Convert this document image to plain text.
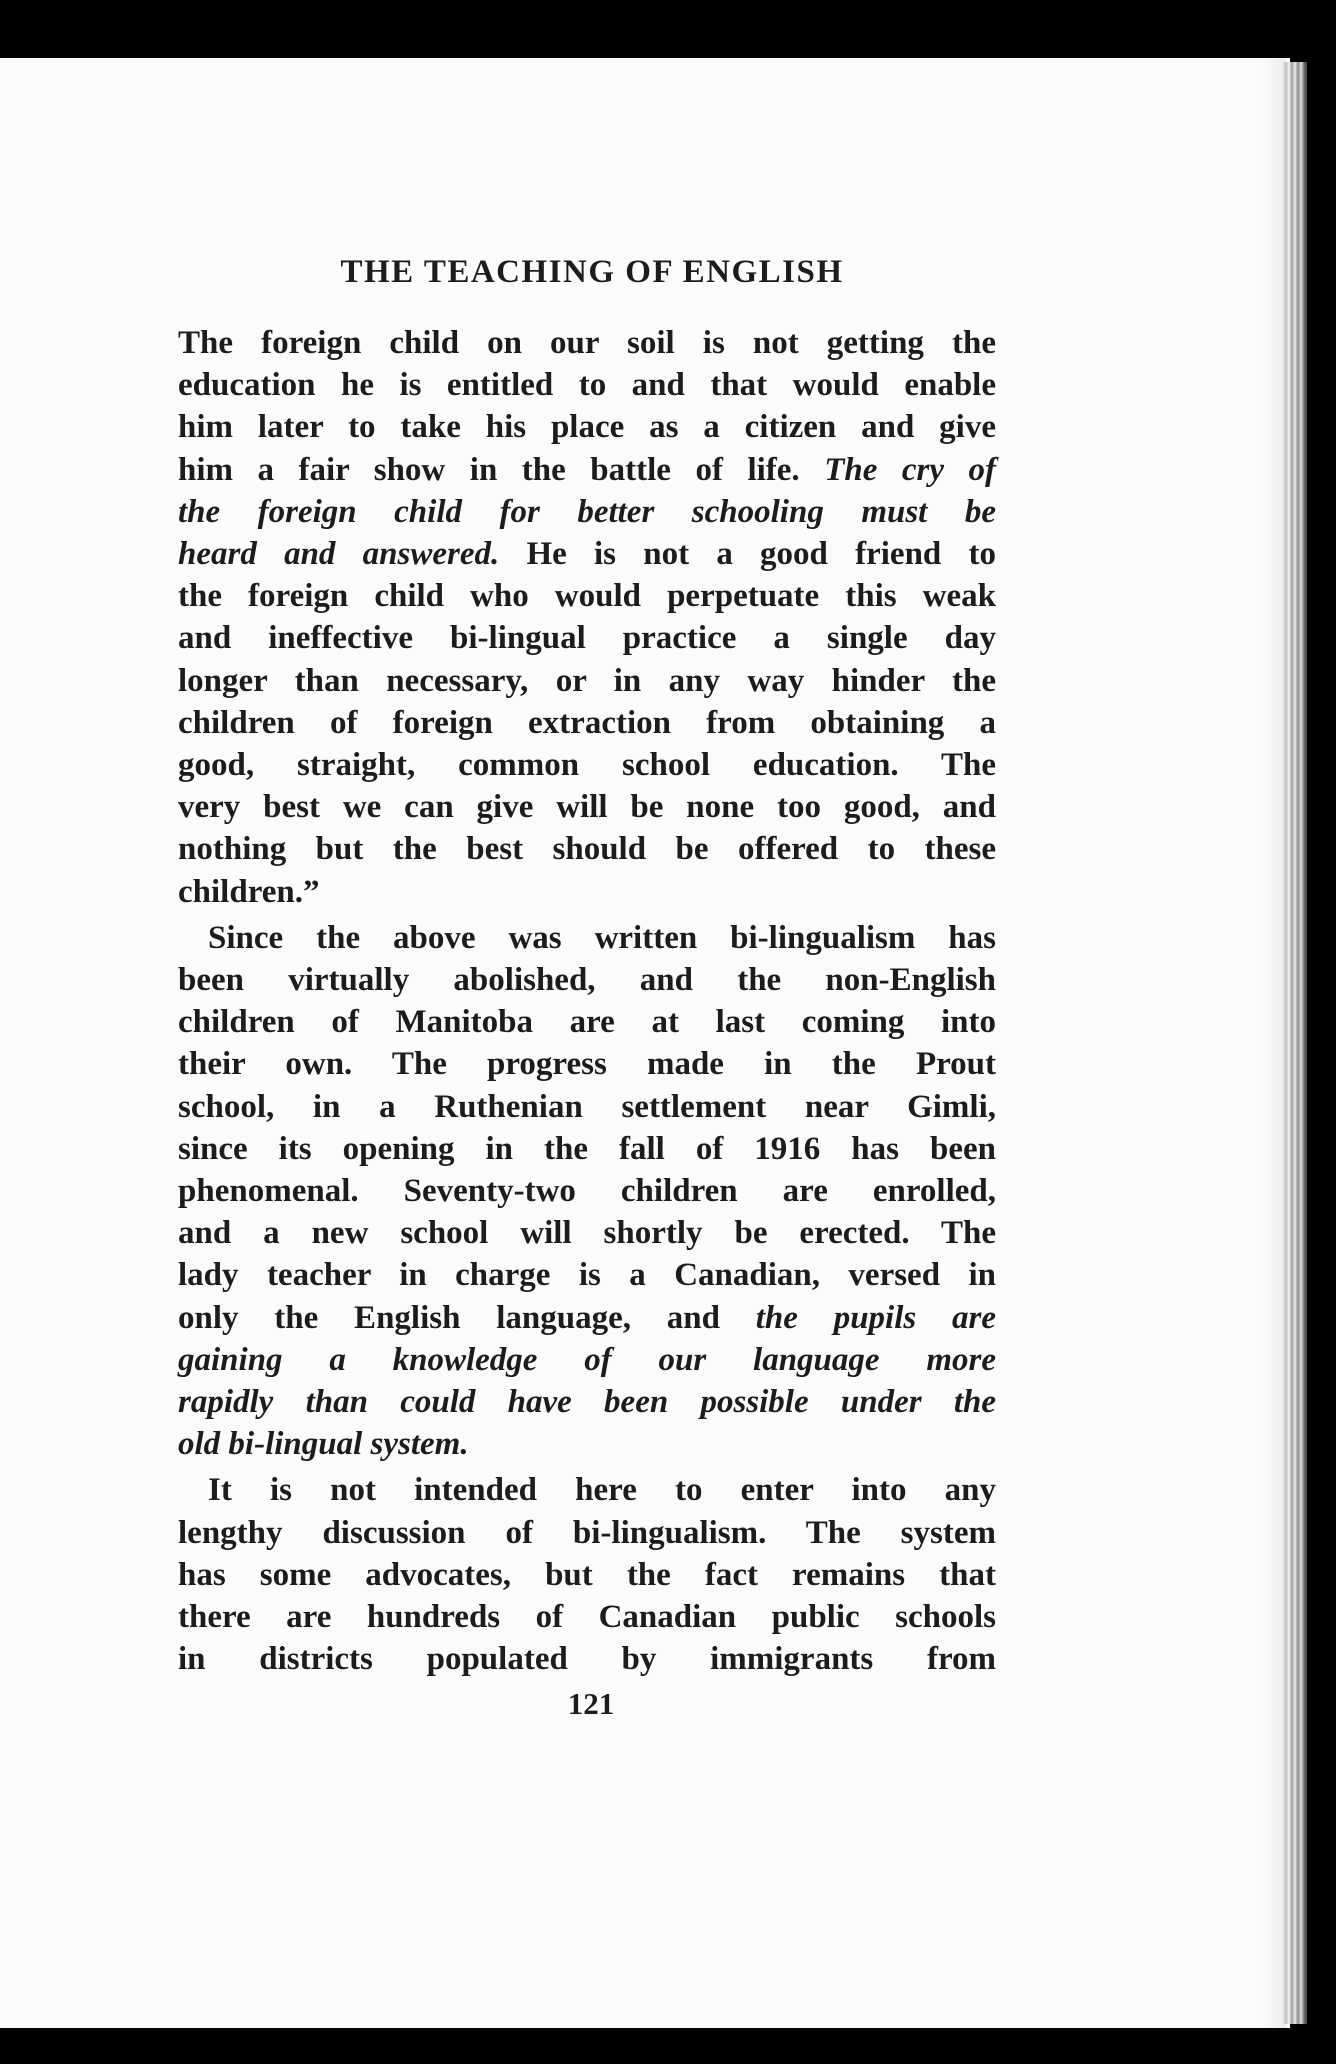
THE TEACHING OF ENGLISH
The foreign child on our soil is not getting the
education he is entitled to and that would enable
him later to take his place as a citizen and give
him a fair show in the battle of life. The cry of
the foreign child for better schooling must be
heard and answered. He is not a good friend to
the foreign child who would perpetuate this weak
and ineffective bi-lingual practice a single day
longer than necessary, or in any way hinder the
children of foreign extraction from obtaining a
good, straight, common school education. The
very best we can give will be none too good, and
nothing but the best should be offered to these
children.”
Since the above was written bi-lingualism has
been virtually abolished, and the non-English
children of Manitoba are at last coming into
their own. The progress made in the Prout
school, in a Ruthenian settlement near Gimli,
since its opening in the fall of 1916 has been
phenomenal. Seventy-two children are enrolled,
and a new school will shortly be erected. The
lady teacher in charge is a Canadian, versed in
only the English language, and the pupils are
gaining a knowledge of our language more
rapidly than could have been possible under the
old bi-lingual system.
It is not intended here to enter into any
lengthy discussion of bi-lingualism. The system
has some advocates, but the fact remains that
there are hundreds of Canadian public schools
in districts populated by immigrants from
121
